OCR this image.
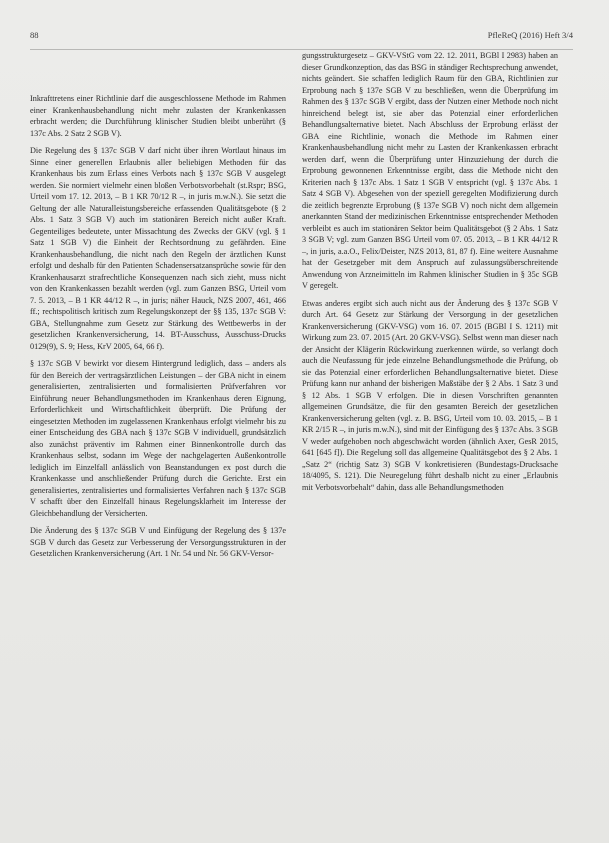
88	PfleReQ (2016) Heft 3/4

Inkrafttretens einer Richtlinie darf die ausgeschlossene Methode im Rahmen einer Krankenhausbehandlung nicht mehr zulasten der Krankenkassen erbracht werden; die Durchführung klinischer Studien bleibt unberührt (§ 137c Abs. 2 Satz 2 SGB V).

Die Regelung des § 137c SGB V darf nicht über ihren Wortlaut hinaus im Sinne einer generellen Erlaubnis aller beliebigen Methoden für das Krankenhaus bis zum Erlass eines Verbots nach § 137c SGB V ausgelegt werden. Sie normiert vielmehr einen bloßen Verbotsvorbehalt (st.Rspr; BSG, Urteil vom 17. 12. 2013, – B 1 KR 70/12 R –, in juris m.w.N.). Sie setzt die Geltung der alle Naturalleistungsbereiche erfassenden Qualitätsgebote (§ 2 Abs. 1 Satz 3 SGB V) auch im stationären Bereich nicht außer Kraft. Gegenteiliges bedeutete, unter Missachtung des Zwecks der GKV (vgl. § 1 Satz 1 SGB V) die Einheit der Rechtsordnung zu gefährden. Eine Krankenhausbehandlung, die nicht nach den Regeln der ärztlichen Kunst erfolgt und deshalb für den Patienten Schadensersatzansprüche sowie für den Krankenhausarzt strafrechtliche Konsequenzen nach sich zieht, muss nicht von den Krankenkassen bezahlt werden (vgl. zum Ganzen BSG, Urteil vom 7. 5. 2013, – B 1 KR 44/12 R –, in juris; näher Hauck, NZS 2007, 461, 466 ff.; rechtspolitisch kritisch zum Regelungskonzept der §§ 135, 137c SGB V: GBA, Stellungnahme zum Gesetz zur Stärkung des Wettbewerbs in der gesetzlichen Krankenversicherung, 14. BT-Ausschuss, Ausschuss-Drucks 0129(9), S. 9; Hess, KrV 2005, 64, 66 f).

§ 137c SGB V bewirkt vor diesem Hintergrund lediglich, dass – anders als für den Bereich der vertragsärztlichen Leistungen – der GBA nicht in einem generalisierten, zentralisierten und formalisierten Prüfverfahren vor Einführung neuer Behandlungsmethoden im Krankenhaus deren Eignung, Erforderlichkeit und Wirtschaftlichkeit überprüft. Die Prüfung der eingesetzten Methoden im zugelassenen Krankenhaus erfolgt vielmehr bis zu einer Entscheidung des GBA nach § 137c SGB V individuell, grundsätzlich also zunächst präventiv im Rahmen einer Binnenkontrolle durch das Krankenhaus selbst, sodann im Wege der nachgelagerten Außenkontrolle lediglich im Einzelfall anlässlich von Beanstandungen ex post durch die Krankenkasse und anschließender Prüfung durch die Gerichte. Erst ein generalisiertes, zentralisiertes und formalisiertes Verfahren nach § 137c SGB V schafft über den Einzelfall hinaus Regelungsklarheit im Interesse der Gleichbehandlung der Versicherten.

Die Änderung des § 137c SGB V und Einfügung der Regelung des § 137e SGB V durch das Gesetz zur Verbesserung der Versorgungsstrukturen in der Gesetzlichen Krankenversicherung (Art. 1 Nr. 54 und Nr. 56 GKV-Versor-

gungsstrukturgesetz – GKV-VStG vom 22. 12. 2011, BGBl I 2983) haben an dieser Grundkonzeption, das das BSG in ständiger Rechtsprechung anwendet, nichts geändert. Sie schaffen lediglich Raum für den GBA, Richtlinien zur Erprobung nach § 137e SGB V zu beschließen, wenn die Überprüfung im Rahmen des § 137c SGB V ergibt, dass der Nutzen einer Methode noch nicht hinreichend belegt ist, sie aber das Potenzial einer erforderlichen Behandlungsalternative bietet. Nach Abschluss der Erprobung erlässt der GBA eine Richtlinie, wonach die Methode im Rahmen einer Krankenhausbehandlung nicht mehr zu Lasten der Krankenkassen erbracht werden darf, wenn die Überprüfung unter Hinzuziehung der durch die Erprobung gewonnenen Erkenntnisse ergibt, dass die Methode nicht den Kriterien nach § 137c Abs. 1 Satz 1 SGB V entspricht (vgl. § 137c Abs. 1 Satz 4 SGB V). Abgesehen von der speziell geregelten Modifizierung durch die zeitlich begrenzte Erprobung (§ 137e SGB V) noch nicht dem allgemein anerkannten Stand der medizinischen Erkenntnisse entsprechender Methoden verbleibt es auch im stationären Sektor beim Qualitätsgebot (§ 2 Abs. 1 Satz 3 SGB V; vgl. zum Ganzen BSG Urteil vom 07. 05. 2013, – B 1 KR 44/12 R –, in juris, a.a.O., Felix/Deister, NZS 2013, 81, 87 f). Eine weitere Ausnahme hat der Gesetzgeber mit dem Anspruch auf zulassungsüberschreitende Anwendung von Arzneimitteln im Rahmen klinischer Studien in § 35c SGB V geregelt.

Etwas anderes ergibt sich auch nicht aus der Änderung des § 137c SGB V durch Art. 64 Gesetz zur Stärkung der Versorgung in der gesetzlichen Krankenversicherung (GKV-VSG) vom 16. 07. 2015 (BGBl I S. 1211) mit Wirkung zum 23. 07. 2015 (Art. 20 GKV-VSG). Selbst wenn man dieser nach der Ansicht der Klägerin Rückwirkung zuerkennen würde, so verlangt doch auch die Neufassung für jede einzelne Behandlungsmethode die Prüfung, ob sie das Potenzial einer erforderlichen Behandlungsalternative bietet. Diese Prüfung kann nur anhand der bisherigen Maßstäbe der § 2 Abs. 1 Satz 3 und § 12 Abs. 1 SGB V erfolgen. Die in diesen Vorschriften genannten allgemeinen Grundsätze, die für den gesamten Bereich der gesetzlichen Krankenversicherung gelten (vgl. z. B. BSG, Urteil vom 10. 03. 2015, – B 1 KR 2/15 R –, in juris m.w.N.), sind mit der Einfügung des § 137c Abs. 3 SGB V weder aufgehoben noch abgeschwächt worden (ähnlich Axer, GesR 2015, 641 [645 f]). Die Regelung soll das allgemeine Qualitätsgebot des § 2 Abs. 1 „Satz 2“ (richtig Satz 3) SGB V konkretisieren (Bundestags-Drucksache 18/4095, S. 121). Die Neuregelung führt deshalb nicht zu einer „Erlaubnis mit Verbotsvorbehalt“ dahin, dass alle Behandlungsmethoden
